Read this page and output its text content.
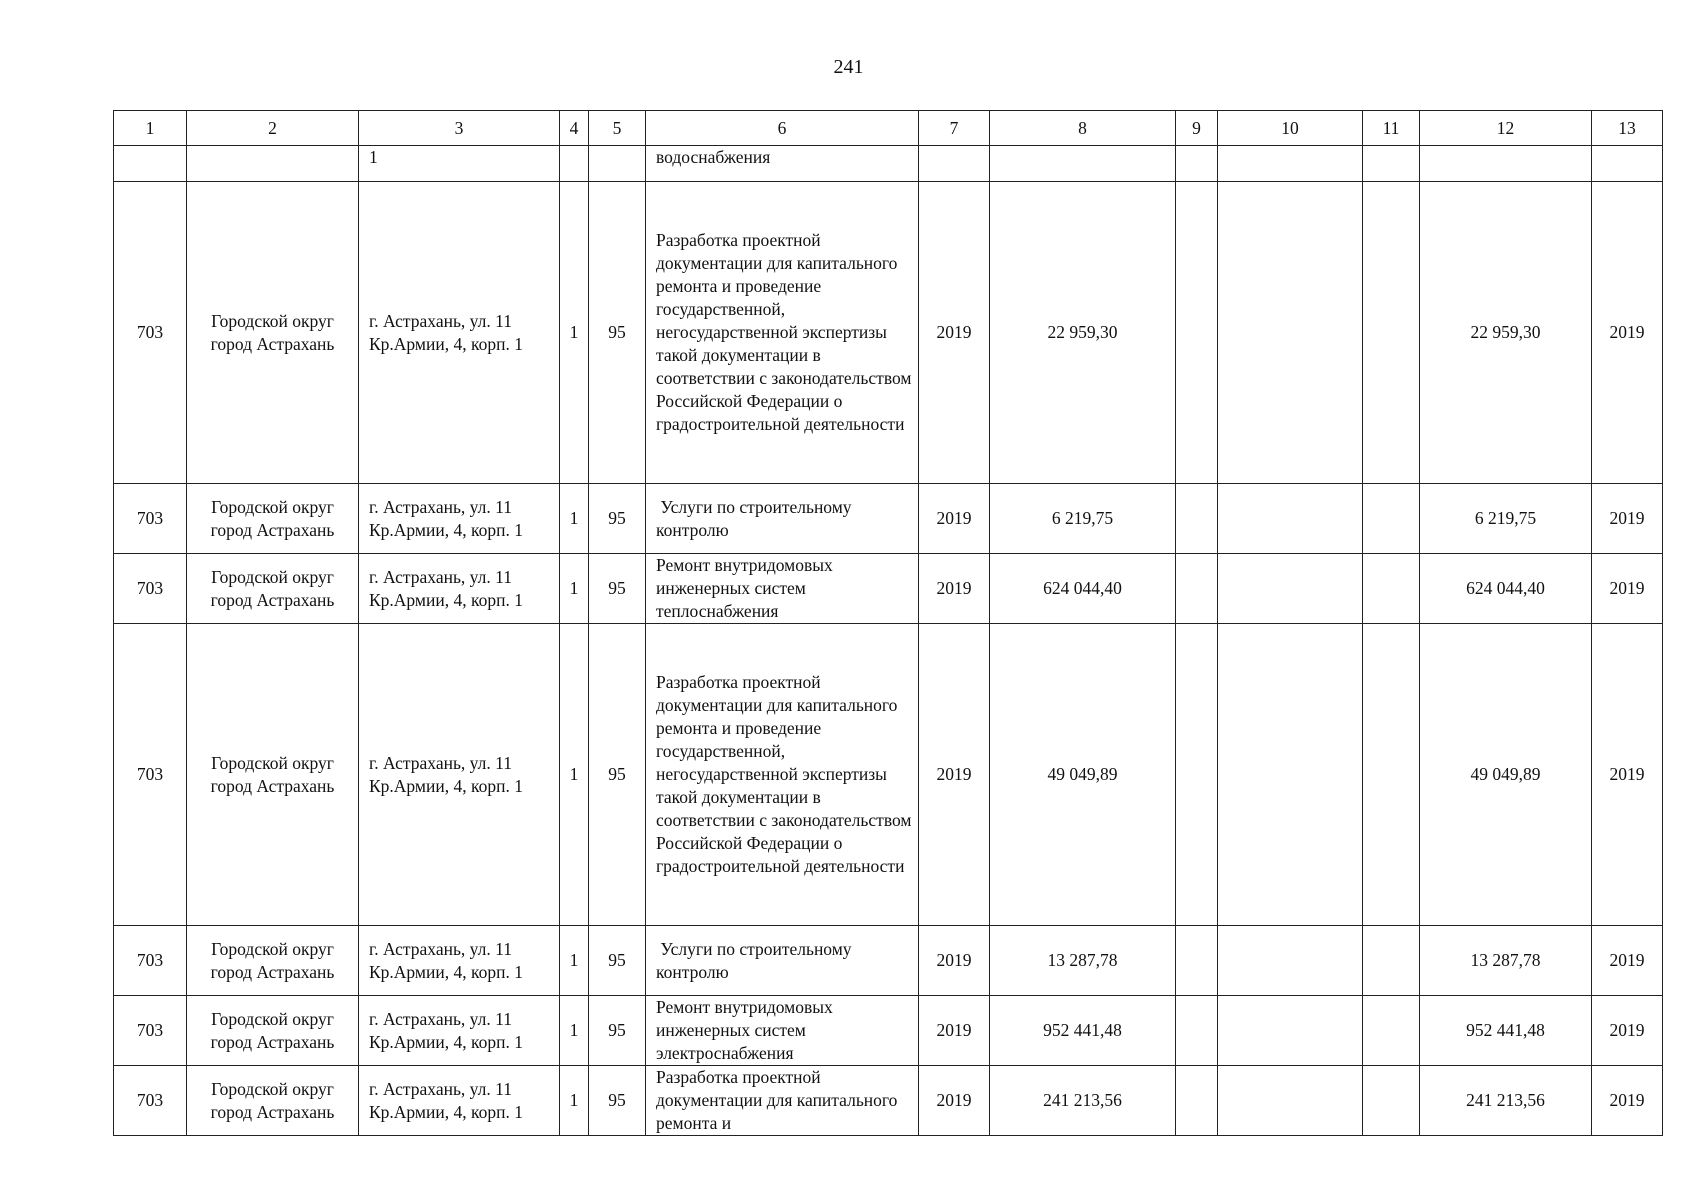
241
1	2	3	4	5	6	7	8	9	10	11	12	13
		1			водоснабжения							
703	Городской округ город Астрахань	г. Астрахань, ул. 11 Кр.Армии, 4, корп. 1	1	95	Разработка проектной документации для капитального ремонта и проведение государственной, негосударственной экспертизы такой документации в соответствии с законодательством Российской Федерации о градостроительной деятельности	2019	22 959,30				22 959,30	2019
703	Городской округ город Астрахань	г. Астрахань, ул. 11 Кр.Армии, 4, корп. 1	1	95	Услуги по строительному контролю	2019	6 219,75				6 219,75	2019
703	Городской округ город Астрахань	г. Астрахань, ул. 11 Кр.Армии, 4, корп. 1	1	95	Ремонт внутридомовых инженерных систем теплоснабжения	2019	624 044,40				624 044,40	2019
703	Городской округ город Астрахань	г. Астрахань, ул. 11 Кр.Армии, 4, корп. 1	1	95	Разработка проектной документации для капитального ремонта и проведение государственной, негосударственной экспертизы такой документации в соответствии с законодательством Российской Федерации о градостроительной деятельности	2019	49 049,89				49 049,89	2019
703	Городской округ город Астрахань	г. Астрахань, ул. 11 Кр.Армии, 4, корп. 1	1	95	Услуги по строительному контролю	2019	13 287,78				13 287,78	2019
703	Городской округ город Астрахань	г. Астрахань, ул. 11 Кр.Армии, 4, корп. 1	1	95	Ремонт внутридомовых инженерных систем электроснабжения	2019	952 441,48				952 441,48	2019
703	Городской округ город Астрахань	г. Астрахань, ул. 11 Кр.Армии, 4, корп. 1	1	95	Разработка проектной документации для капитального ремонта и	2019	241 213,56				241 213,56	2019
